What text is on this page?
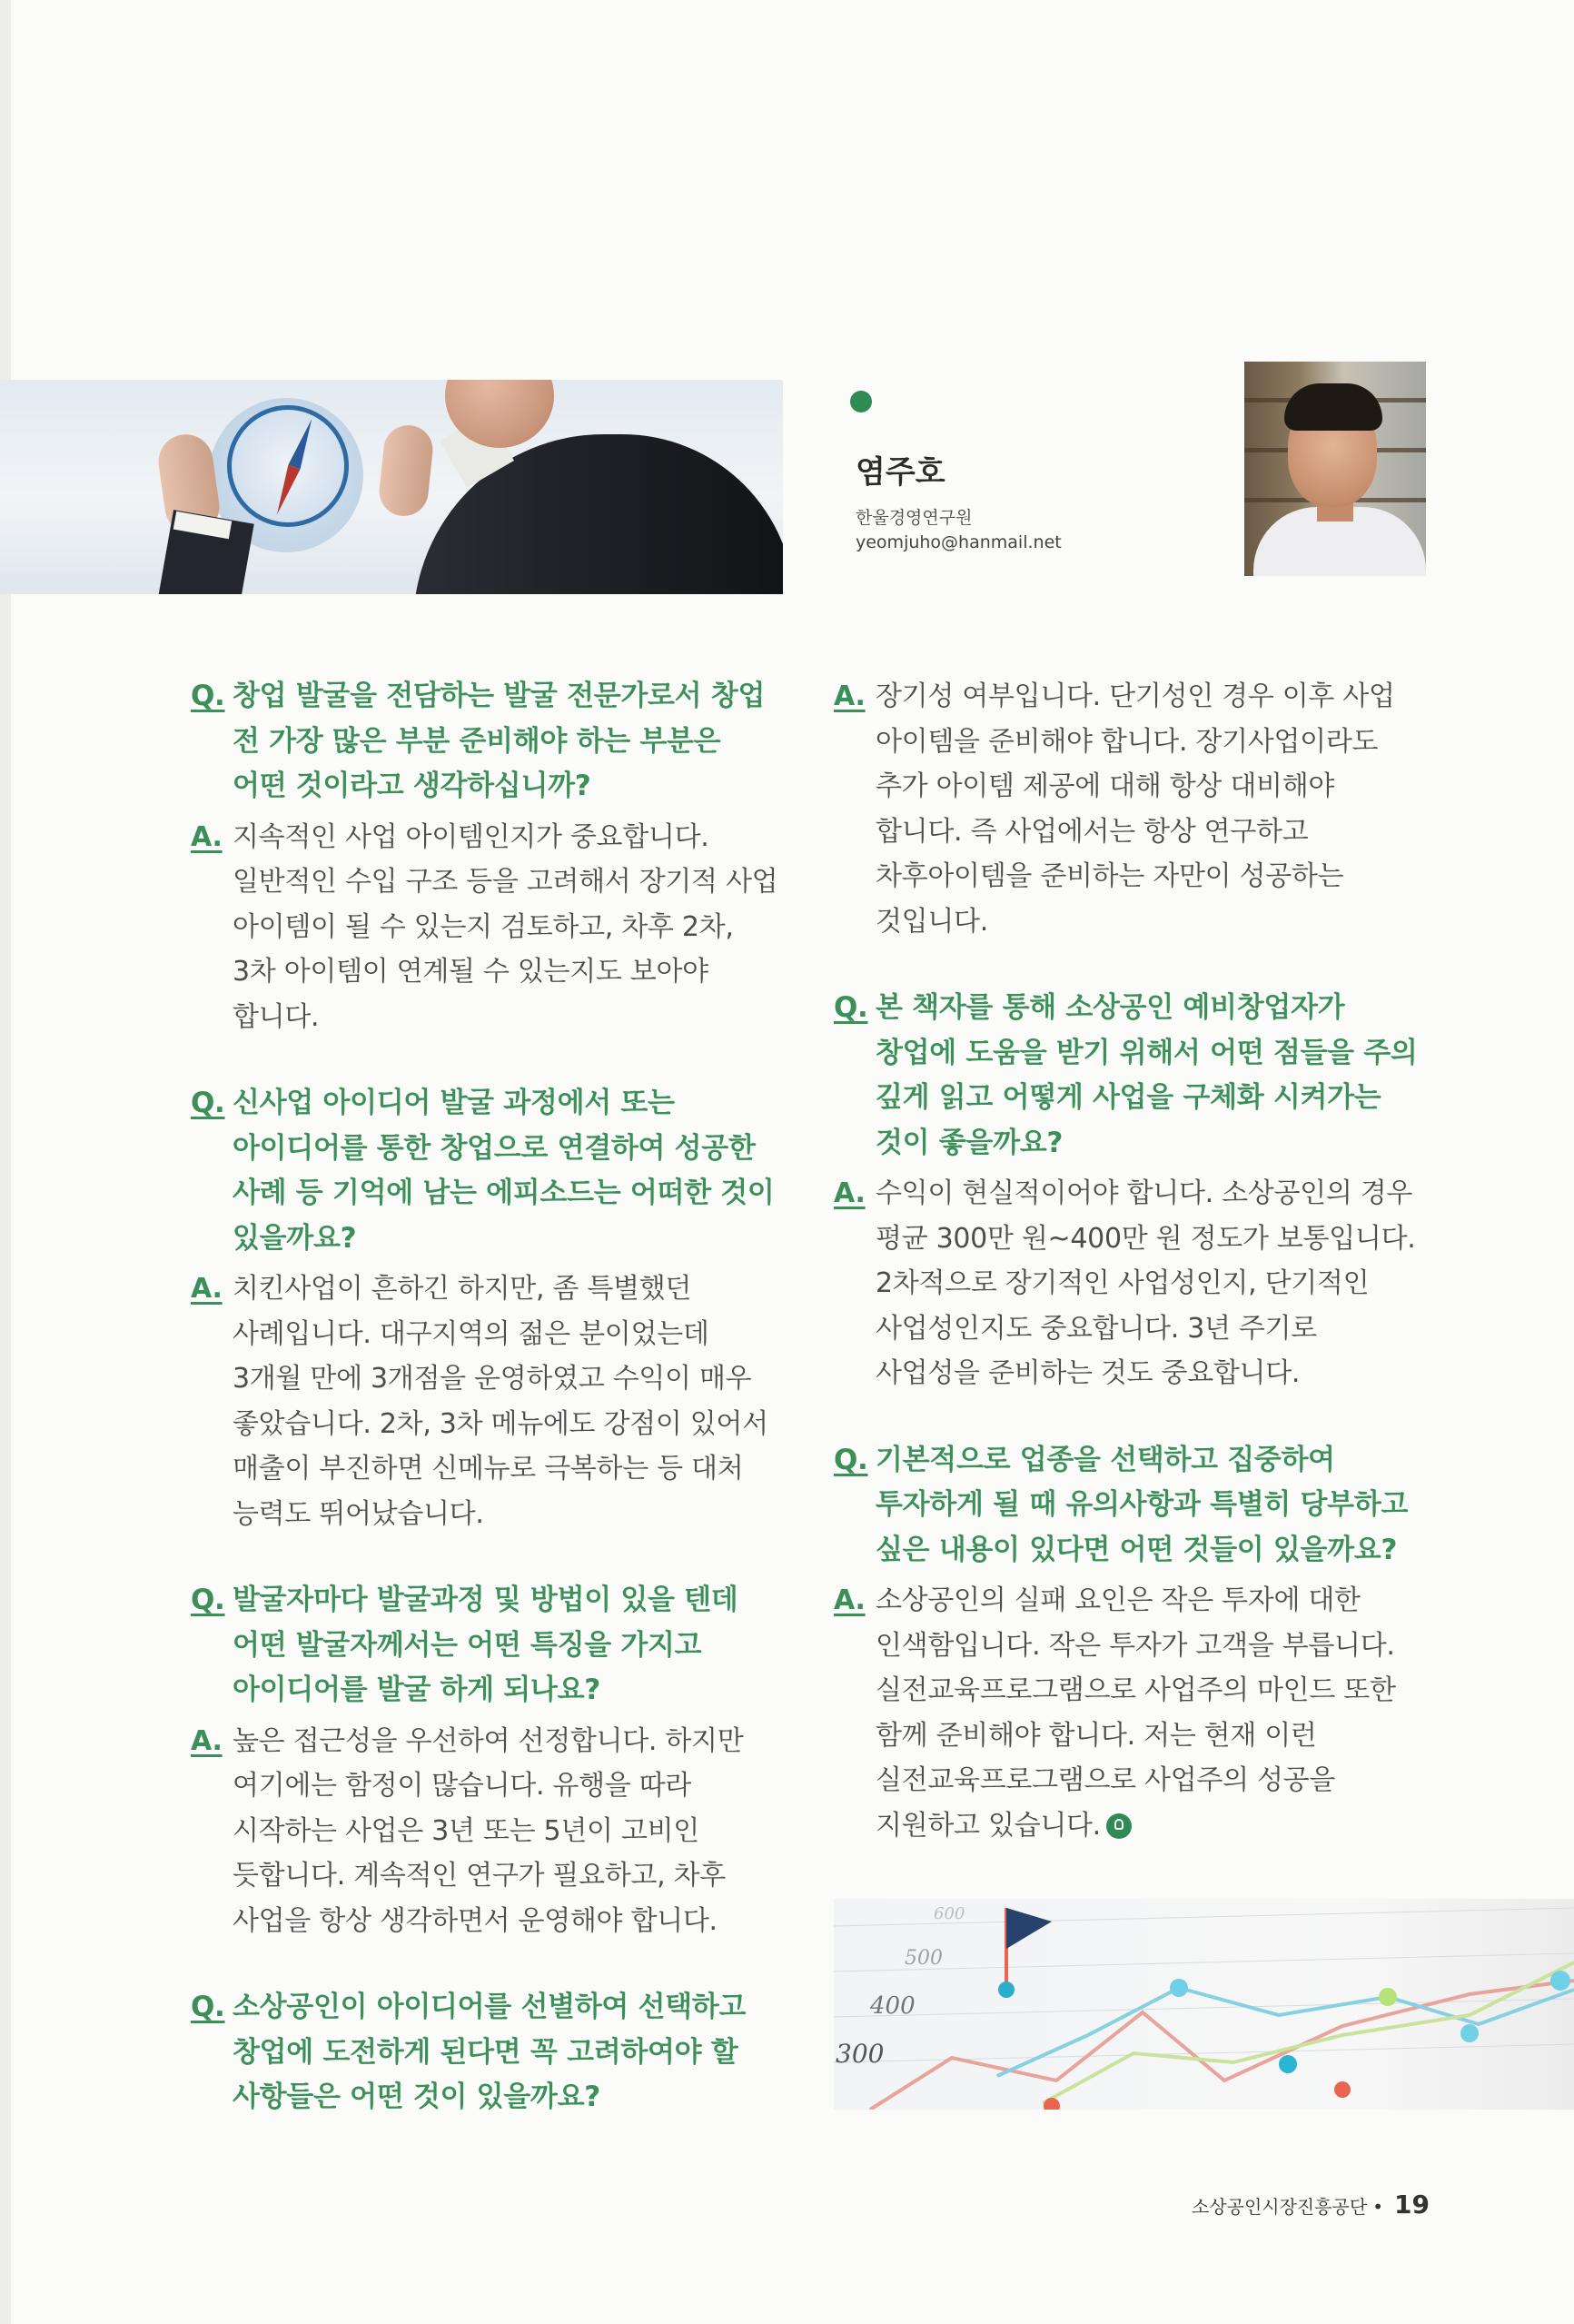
염주호
한울경영연구원
yeomjuho@hanmail.net
Q. 창업 발굴을 전담하는 발굴 전문가로서 창업 전 가장 많은 부분 준비해야 하는 부분은 어떤 것이라고 생각하십니까?
A. 지속적인 사업 아이템인지가 중요합니다. 일반적인 수입 구조 등을 고려해서 장기적 사업 아이템이 될 수 있는지 검토하고, 차후 2차, 3차 아이템이 연계될 수 있는지도 보아야 합니다.
Q. 신사업 아이디어 발굴 과정에서 또는 아이디어를 통한 창업으로 연결하여 성공한 사례 등 기억에 남는 에피소드는 어떠한 것이 있을까요?
A. 치킨사업이 흔하긴 하지만, 좀 특별했던 사례입니다. 대구지역의 젊은 분이었는데 3개월 만에 3개점을 운영하였고 수익이 매우 좋았습니다. 2차, 3차 메뉴에도 강점이 있어서 매출이 부진하면 신메뉴로 극복하는 등 대처 능력도 뛰어났습니다.
Q. 발굴자마다 발굴과정 및 방법이 있을 텐데 어떤 발굴자께서는 어떤 특징을 가지고 아이디어를 발굴 하게 되나요?
A. 높은 접근성을 우선하여 선정합니다. 하지만 여기에는 함정이 많습니다. 유행을 따라 시작하는 사업은 3년 또는 5년이 고비인 듯합니다. 계속적인 연구가 필요하고, 차후 사업을 항상 생각하면서 운영해야 합니다.
Q. 소상공인이 아이디어를 선별하여 선택하고 창업에 도전하게 된다면 꼭 고려하여야 할 사항들은 어떤 것이 있을까요?
A. 장기성 여부입니다. 단기성인 경우 이후 사업 아이템을 준비해야 합니다. 장기사업이라도 추가 아이템 제공에 대해 항상 대비해야 합니다. 즉 사업에서는 항상 연구하고 차후아이템을 준비하는 자만이 성공하는 것입니다.
Q. 본 책자를 통해 소상공인 예비창업자가 창업에 도움을 받기 위해서 어떤 점들을 주의 깊게 읽고 어떻게 사업을 구체화 시켜가는 것이 좋을까요?
A. 수익이 현실적이어야 합니다. 소상공인의 경우 평균 300만 원~400만 원 정도가 보통입니다. 2차적으로 장기적인 사업성인지, 단기적인 사업성인지도 중요합니다. 3년 주기로 사업성을 준비하는 것도 중요합니다.
Q. 기본적으로 업종을 선택하고 집중하여 투자하게 될 때 유의사항과 특별히 당부하고 싶은 내용이 있다면 어떤 것들이 있을까요?
A. 소상공인의 실패 요인은 작은 투자에 대한 인색함입니다. 작은 투자가 고객을 부릅니다. 실전교육프로그램으로 사업주의 마인드 또한 함께 준비해야 합니다. 저는 현재 이런 실전교육프로그램으로 사업주의 성공을 지원하고 있습니다.
600
500
400
300
소상공인시장진흥공단 • 19
